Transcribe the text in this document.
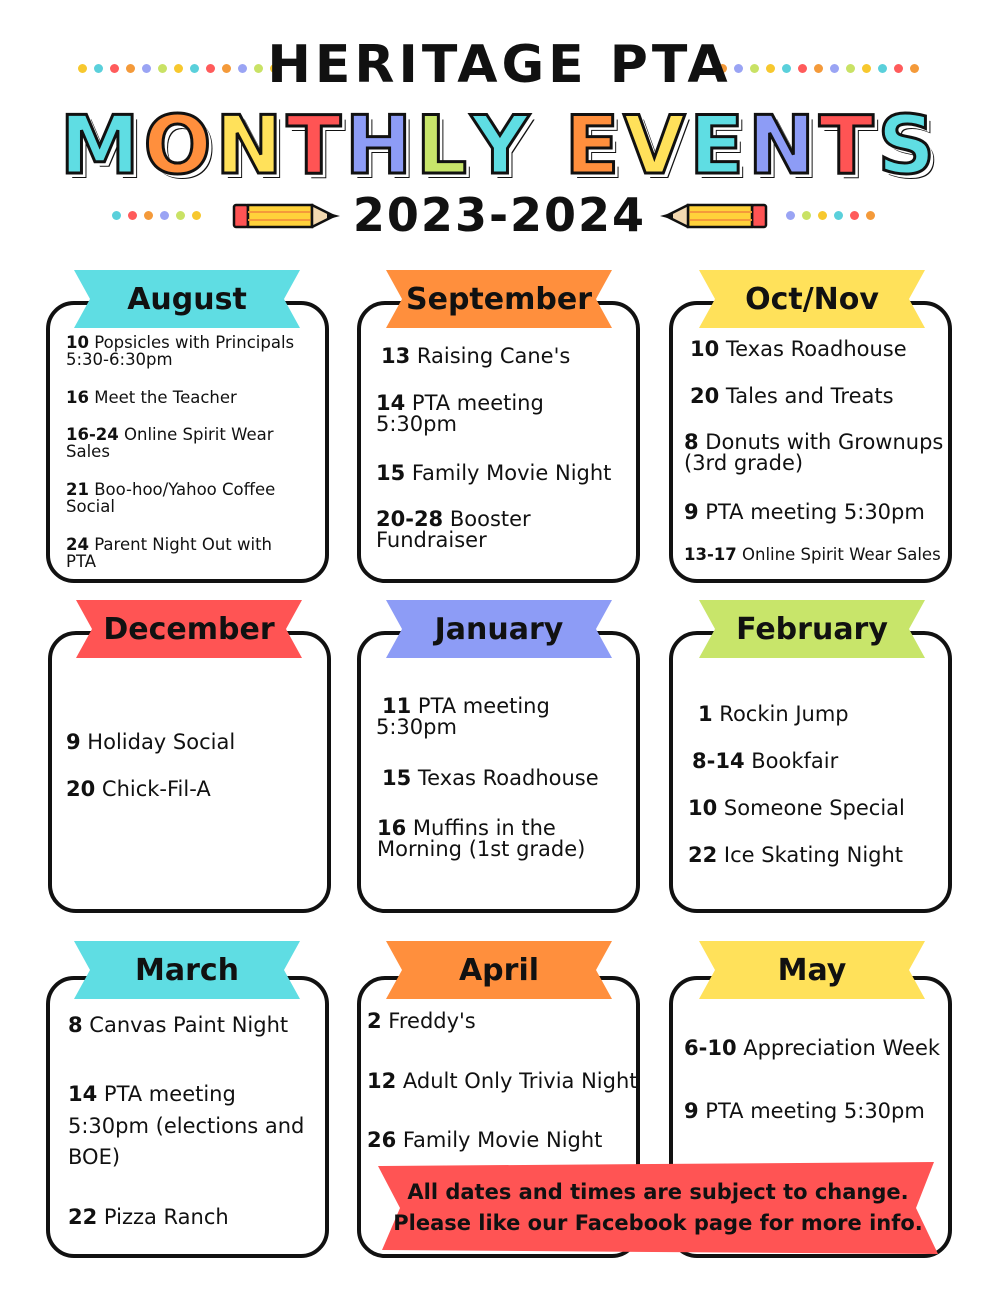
HERITAGE PTA
M O N T H L Y
E V E N T S
2023-2024
August	September	Oct/Nov
December	January	February
March	April	May
10 Popsicles with Principals
5:30-6:30pm
16 Meet the Teacher
16-24 Online Spirit Wear
Sales
21 Boo-hoo/Yahoo Coffee
Social
24 Parent Night Out with
PTA
13 Raising Cane's
14 PTA meeting
5:30pm
15 Family Movie Night
20-28 Booster
Fundraiser
10 Texas Roadhouse
20 Tales and Treats
8 Donuts with Grownups
(3rd grade)
9 PTA meeting 5:30pm
13-17 Online Spirit Wear Sales
9 Holiday Social
20 Chick-Fil-A
11 PTA meeting
5:30pm
15 Texas Roadhouse
16 Muffins in the
Morning (1st grade)
1 Rockin Jump
8-14 Bookfair
10 Someone Special
22 Ice Skating Night
8 Canvas Paint Night
14 PTA meeting
5:30pm (elections and
BOE)
22 Pizza Ranch
2 Freddy's
12 Adult Only Trivia Night
26 Family Movie Night
6-10 Appreciation Week
9 PTA meeting 5:30pm
All dates and times are subject to change.
Please like our Facebook page for more info.
